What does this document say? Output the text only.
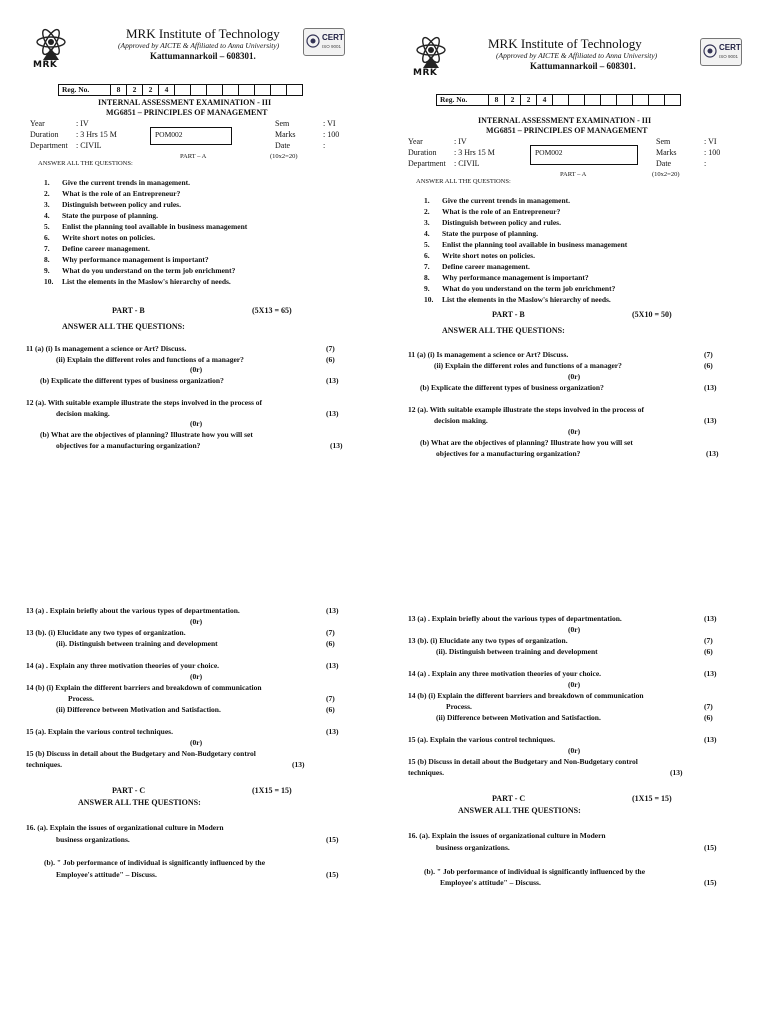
MRK
MRK Institute of Technology
(Approved by AICTE & Affiliated to Anna University)
Kattumannarkoil – 608301.
CERT
ISO 9001
Reg. No.	8	2	2	4
INTERNAL ASSESSMENT EXAMINATION - III
MG6851 – PRINCIPLES OF MANAGEMENT
Year	: IV	Sem	: VI
Duration : 3 Hrs 15 M	Marks	: 100
Department : CIVIL	Date	:
POM002
PART – A	(10x2=20)
ANSWER ALL THE QUESTIONS:
1. Give the current trends in management.
2. What is the role of an Entrepreneur?
3. Distinguish between policy and rules.
4. State the purpose of planning.
5. Enlist the planning tool available in business management
6. Write short notes on policies.
7. Define career management.
8. Why performance management is important?
9. What do you understand on the term job enrichment?
10. List the elements in the Maslow's hierarchy of needs.
PART - B	(5X13 = 65)
ANSWER ALL THE QUESTIONS:
11 (a) (i) Is management a science or Art? Discuss.	(7)
(ii) Explain the different roles and functions of a manager?	(6)
(0r)
(b) Explicate the different types of business organization?	(13)
12 (a). With suitable example illustrate the steps involved in the process of
decision making.	(13)
(0r)
(b) What are the objectives of planning? Illustrate how you will set
objectives for a manufacturing organization?	(13)
13 (a) . Explain briefly about the various types of departmentation.	(13)
(0r)
13 (b). (i) Elucidate any two types of organization.	(7)
(ii). Distinguish between training and development	(6)
14 (a) . Explain any three motivation theories of your choice.	(13)
(0r)
14 (b) (i) Explain the different barriers and breakdown of communication
Process.	(7)
(ii) Difference between Motivation and Satisfaction.	(6)
15 (a). Explain the various control techniques.	(13)
(0r)
15 (b) Discuss in detail about the Budgetary and Non-Budgetary control
techniques.	(13)
PART - C	(1X15 = 15)
ANSWER ALL THE QUESTIONS:
16. (a). Explain the issues of organizational culture in Modern
business organizations.	(15)
(b). " Job performance of individual is significantly influenced by the
Employee's attitude" – Discuss.	(15)
MRK
MRK Institute of Technology
(Approved by AICTE & Affiliated to Anna University)
Kattumannarkoil – 608301.
CERT
ISO 9001
Reg. No.	8	2	2	4
INTERNAL ASSESSMENT EXAMINATION - III
MG6851 – PRINCIPLES OF MANAGEMENT
Year	: IV	Sem	: VI
Duration : 3 Hrs 15 M	Marks	: 100
Department : CIVIL	Date	:
POM002
PART – A	(10x2=20)
ANSWER ALL THE QUESTIONS:
1. Give the current trends in management.
2. What is the role of an Entrepreneur?
3. Distinguish between policy and rules.
4. State the purpose of planning.
5. Enlist the planning tool available in business management
6. Write short notes on policies.
7. Define career management.
8. Why performance management is important?
9. What do you understand on the term job enrichment?
10. List the elements in the Maslow's hierarchy of needs.
PART - B	(5X10 = 50)
ANSWER ALL THE QUESTIONS:
11 (a) (i) Is management a science or Art? Discuss.	(7)
(ii) Explain the different roles and functions of a manager?	(6)
(0r)
(b) Explicate the different types of business organization?	(13)
12 (a). With suitable example illustrate the steps involved in the process of
decision making.	(13)
(0r)
(b) What are the objectives of planning? Illustrate how you will set
objectives for a manufacturing organization?	(13)
13 (a) . Explain briefly about the various types of departmentation.	(13)
(0r)
13 (b). (i) Elucidate any two types of organization.	(7)
(ii). Distinguish between training and development	(6)
14 (a) . Explain any three motivation theories of your choice.	(13)
(0r)
14 (b) (i) Explain the different barriers and breakdown of communication
Process.	(7)
(ii) Difference between Motivation and Satisfaction.	(6)
15 (a). Explain the various control techniques.	(13)
(0r)
15 (b) Discuss in detail about the Budgetary and Non-Budgetary control
techniques.	(13)
PART - C	(1X15 = 15)
ANSWER ALL THE QUESTIONS:
16. (a). Explain the issues of organizational culture in Modern
business organizations.	(15)
(b). " Job performance of individual is significantly influenced by the
Employee's attitude" – Discuss.	(15)
